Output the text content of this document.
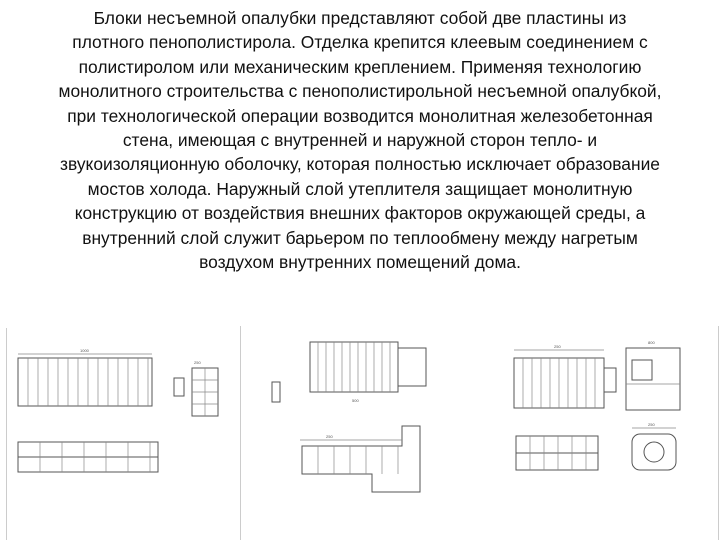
Блоки несъемной опалубки представляют собой две пластины из
плотного пенополистирола. Отделка крепится клеевым соединением с
полистиролом или механическим креплением. Применяя технологию
монолитного строительства с пенополистирольной несъемной опалубкой,
при технологической операции возводится монолитная железобетонная
стена, имеющая с внутренней и наружной сторон тепло- и
звукоизоляционную оболочку, которая полностью исключает образование
мостов холода. Наружный слой утеплителя защищает монолитную
конструкцию от воздействия внешних факторов окружающей среды, а
внутренний слой служит барьером по теплообмену между нагретым
воздухом внутренних помещений дома.

1000
250
500
250
250
800
250
